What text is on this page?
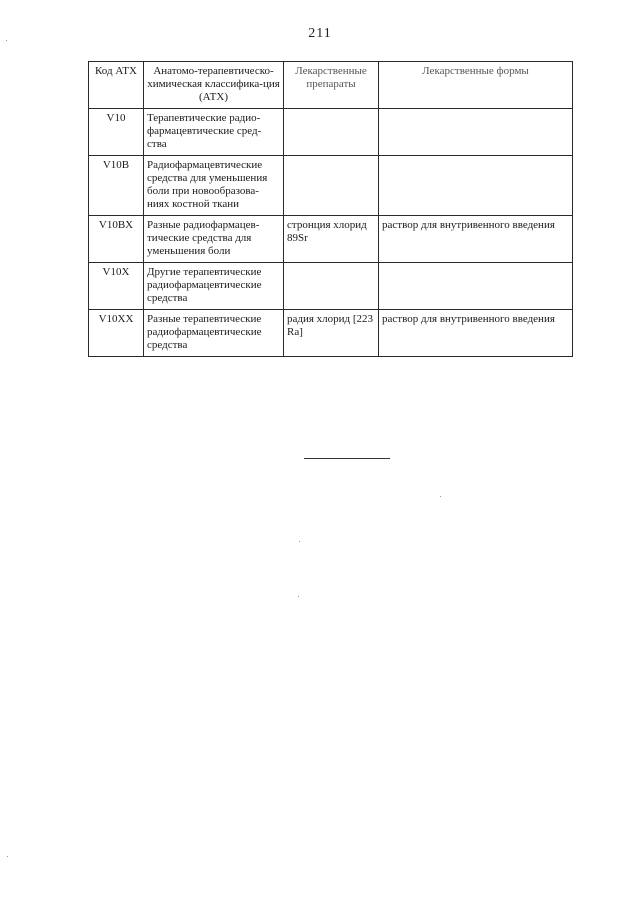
211
Код АТХ	Анатомо-терапевтическо-химическая классифика-ция (АТХ)	Лекарственные препараты	Лекарственные формы
V10	Терапевтические радио-фармацевтические сред-ства		
V10B	Радиофармацевтические средства для уменьшения боли при новообразова-ниях костной ткани		
V10BX	Разные радиофармацев-тические средства для уменьшения боли	стронция хлорид 89Sr	раствор для внутривенного введения
V10X	Другие терапевтические радиофармацевтические средства		
V10XX	Разные терапевтические радиофармацевтические средства	радия хлорид [223 Ra]	раствор для внутривенного введения
